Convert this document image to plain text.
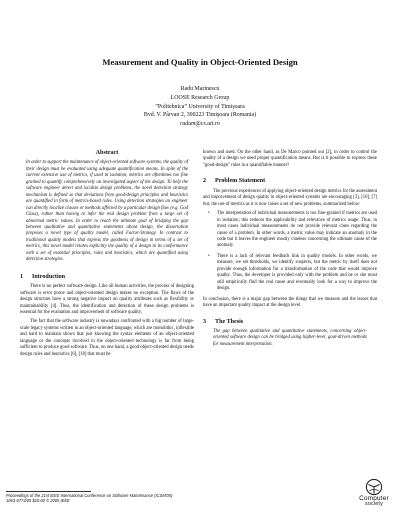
Measurement and Quality in Object-Oriented Design
Radu Marinescu
LOOSE Research Group
”Politehnica” University of Timişoara
Bvd. V. Pârvan 2, 300223 Timişoara (Romania)
radum@cs.utt.ro
Abstract
In order to support the maintenance of object-oriented software systems, the quality of their design must be evaluated using adequate quantification means. In spite of the current extensive use of metrics, if used in isolation, metrics are oftentimes too fine grained to quantify comprehensively an investigated aspect of the design. To help the software engineer detect and localize design problems, the novel detection strategy mechanism is defined so that deviations from good-design principles and heuristics are quantified in form of metrics-based rules. Using detection strategies an engineer can directly localize classes or methods affected by a particular design flaw (e.g. God Class), rather than having to infer the real design problem from a large set of abnormal metric values. In order to reach the ultimate goal of bridging the gap between qualitative and quantitative statements about design, the dissertation proposes a novel type of quality model, called Factor-Strategy. In contrast to traditional quality models that express the goodness of design in terms of a set of metrics, this novel model relates explicitly the quality of a design to its conformance with a set of essential principles, rules and heuristics, which are quantified using detection strategies.
1 Introduction

There is no perfect software design. Like all human activities, the process of designing software is error prone and object-oriented design makes no exception. The flaws of the design structure have a strong negative impact on quality attributes such as flexibility or maintainability [4]. Thus, the identification and detection of these design problems is essential for the evaluation and improvement of software quality.

The fact that the software industry is nowadays confronted with a big number of large-scale legacy systems written in an object-oriented language, which are monolithic, inflexible and hard to maintain shows that just knowing the syntax elements of an object-oriented language or the concepts involved in the object-oriented technology is far from being sufficient to produce good software. Thus, on one hand, a good object-oriented design needs design rules and heuristics [6], [18] that must be

known and used. On the other hand, as De Marco pointed out [2], in order to control the quality of a design we need proper quantification means. But is it possible to express these "good-design" rules in a quantifiable manner?

2 Problem Statement

The previous experiences of applying object-oriented design metrics for the assessment and improvement of design quality in object-oriented systems are encouraging [3], [10], [7] but, the use of metrics as it is now raises a set of new problems, summarized below:

• The interpretation of individual measurements is too fine-grained if metrics are used in isolation; this reduces the applicability and relevance of metrics usage. Thus, in most cases individual measurements do not provide relevant clues regarding the cause of a problem. In other words, a metric value may indicate an anomaly in the code but it leaves the engineer mostly clueless concerning the ultimate cause of the anomaly.
• There is a lack of relevant feedback link in quality models. In other words, we measure, we set thresholds, we identify suspects, but the metric by itself does not provide enough information for a transformation of the code that would improve quality. Thus, the developer is provided only with the problem and he or she must still empirically find the real cause and eventually look for a way to improve the design.

In conclusion, there is a major gap between the things that we measure and the issues that have an important quality impact at the design level.

3 The Thesis
The gap between qualitative and quantitative statements, concerning object-oriented software design can be bridged using higher-level, goal-driven methods for measurement interpretation.
Proceedings of the 21st IEEE International Conference on Software Maintenance (ICSM'05)
1063-6773/05 $20.00 © 2005 IEEE	Computer
society
